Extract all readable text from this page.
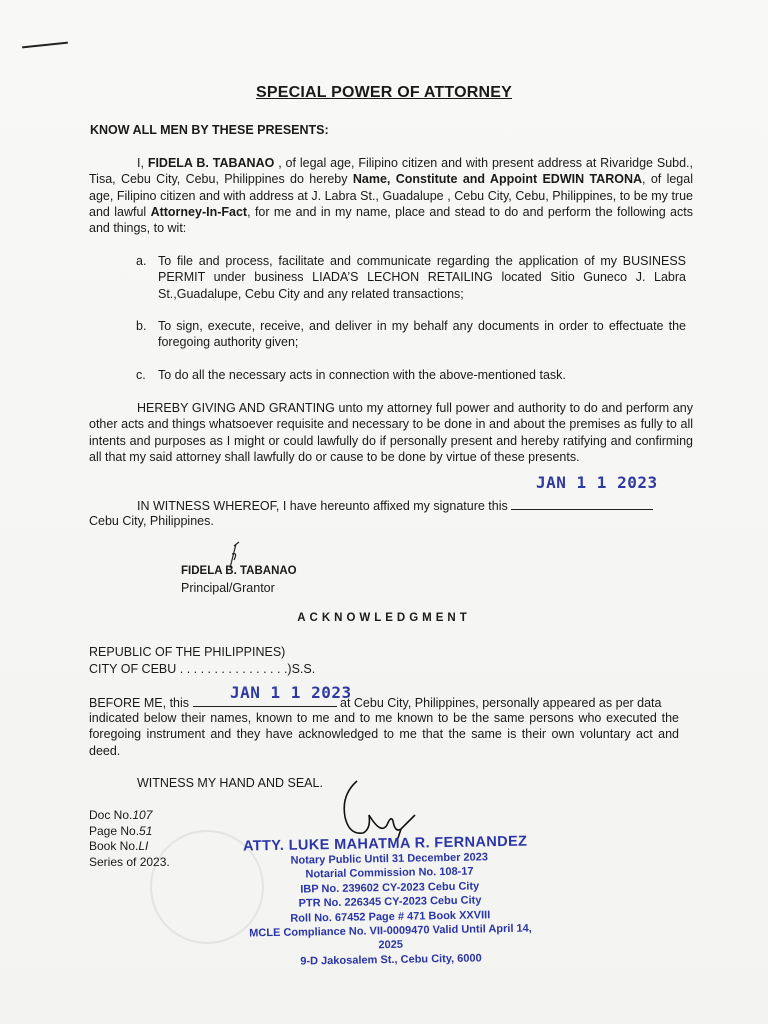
SPECIAL POWER OF ATTORNEY
KNOW ALL MEN BY THESE PRESENTS:
I, FIDELA B. TABANAO , of legal age, Filipino citizen and with present address at Rivaridge Subd., Tisa, Cebu City, Cebu, Philippines do hereby Name, Constitute and Appoint EDWIN TARONA, of legal age, Filipino citizen and with address at J. Labra St., Guadalupe , Cebu City, Cebu, Philippines, to be my true and lawful Attorney-In-Fact, for me and in my name, place and stead to do and perform the following acts and things, to wit:
a. To file and process, facilitate and communicate regarding the application of my BUSINESS PERMIT under business LIADA’S LECHON RETAILING located Sitio Guneco J. Labra St.,Guadalupe, Cebu City and any related transactions;
b. To sign, execute, receive, and deliver in my behalf any documents in order to effectuate the foregoing authority given;
c. To do all the necessary acts in connection with the above-mentioned task.
HEREBY GIVING AND GRANTING unto my attorney full power and authority to do and perform any other acts and things whatsoever requisite and necessary to be done in and about the premises as fully to all intents and purposes as I might or could lawfully do if personally present and hereby ratifying and confirming all that my said attorney shall lawfully do or cause to be done by virtue of these presents.
JAN 1 1 2023
IN WITNESS WHEREOF, I have hereunto affixed my signature this
Cebu City, Philippines.
FIDELA B. TABANAO
Principal/Grantor
ACKNOWLEDGMENT
REPUBLIC OF THE PHILIPPINES)
CITY OF CEBU . . . . . . . . . . . . . . . .)S.S.
JAN 1 1 2023
BEFORE ME, this	at Cebu City, Philippines, personally appeared as per data
indicated below their names, known to me and to me known to be the same persons who executed the foregoing instrument and they have acknowledged to me that the same is their own voluntary act and deed.
WITNESS MY HAND AND SEAL.
Doc No.107
Page No.51
Book No.LI
Series of 2023.
ATTY. LUKE MAHATMA R. FERNANDEZ
Notary Public Until 31 December 2023
Notarial Commission No. 108-17
IBP No. 239602 CY-2023 Cebu City
PTR No. 226345 CY-2023 Cebu City
Roll No. 67452 Page # 471 Book XXVIII
MCLE Compliance No. VII-0009470 Valid Until April 14, 2025
9-D Jakosalem St., Cebu City, 6000
